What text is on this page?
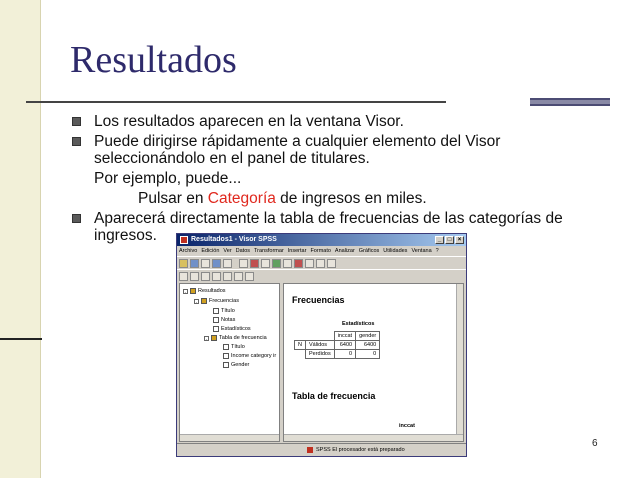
Resultados
Los resultados aparecen en la ventana Visor.
Puede dirigirse rápidamente a cualquier elemento del Visor
seleccionándolo en el panel de titulares.
Por ejemplo, puede...
Pulsar en Categoría de ingresos en miles.
Aparecerá directamente la tabla de frecuencias de las categorías de
ingresos.	Resultados1 - Visor SPSS	_	□	×
Archivo Edición Ver Datos Transformar Insertar Formato Analizar Gráficos Utilidades Ventana ?
-	Resultados
-	Frecuencias
Título
Notas
Estadísticos
-	Tabla de frecuencia
Título
Income category ir
Gender
Frecuencias
Estadísticos
		inccat	gender
N	Válidos	6400	6400
	Perdidos	0	0
Tabla de frecuencia
inccat
SPSS El procesador está preparado
6
